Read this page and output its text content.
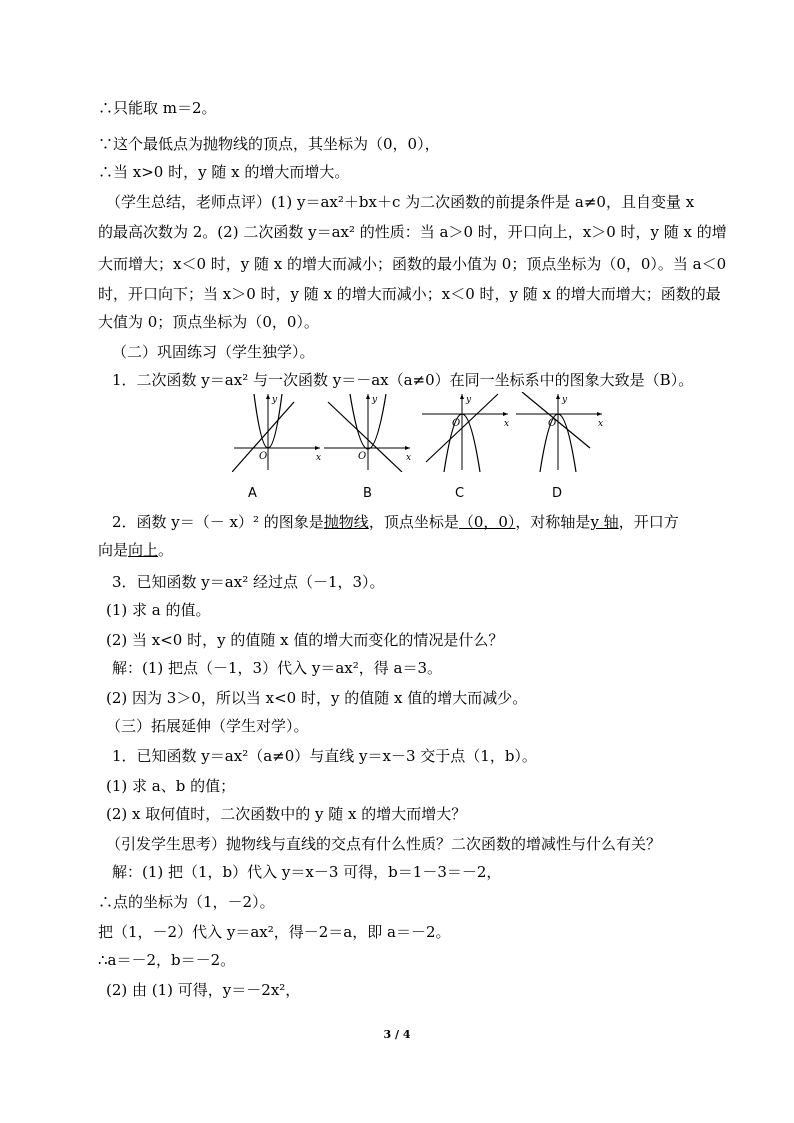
∴只能取 m＝2。
∵这个最低点为抛物线的顶点，其坐标为（0，0），
∴当 x>0 时，y 随 x 的增大而增大。
（学生总结，老师点评）(1) y＝ax²＋bx＋c 为二次函数的前提条件是 a≠0，且自变量 x
的最高次数为 2。(2) 二次函数 y＝ax² 的性质：当 a＞0 时，开口向上，x＞0 时，y 随 x 的增
大而增大；x＜0 时，y 随 x 的增大而减小；函数的最小值为 0；顶点坐标为（0，0）。当 a＜0
时，开口向下；当 x＞0 时，y 随 x 的增大而减小；x＜0 时，y 随 x 的增大而增大；函数的最
大值为 0；顶点坐标为（0，0）。
（二）巩固练习（学生独学）。
1．二次函数 y＝ax² 与一次函数 y＝－ax（a≠0）在同一坐标系中的图象大致是（B）。
y
x
O
y
x
O
y
x
O
y
x
O
A	B	C	D
2．函数 y＝（－ x）² 的图象是抛物线，顶点坐标是（0，0），对称轴是y 轴，开口方
向是向上。
3．已知函数 y＝ax² 经过点（－1，3）。
(1) 求 a 的值。
(2) 当 x<0 时，y 的值随 x 值的增大而变化的情况是什么？
解：(1) 把点（－1，3）代入 y＝ax²，得 a＝3。
(2) 因为 3＞0，所以当 x<0 时，y 的值随 x 值的增大而减少。
（三）拓展延伸（学生对学）。
1．已知函数 y＝ax²（a≠0）与直线 y＝x－3 交于点（1，b）。
(1) 求 a、b 的值；
(2) x 取何值时，二次函数中的 y 随 x 的增大而增大？
（引发学生思考）抛物线与直线的交点有什么性质？二次函数的增减性与什么有关？
解：(1) 把（1，b）代入 y＝x－3 可得，b＝1－3＝－2，
∴点的坐标为（1，－2）。
把（1，－2）代入 y＝ax²，得－2＝a，即 a＝－2。
∴a＝－2，b＝－2。
(2) 由 (1) 可得，y＝－2x²，
3 / 4
